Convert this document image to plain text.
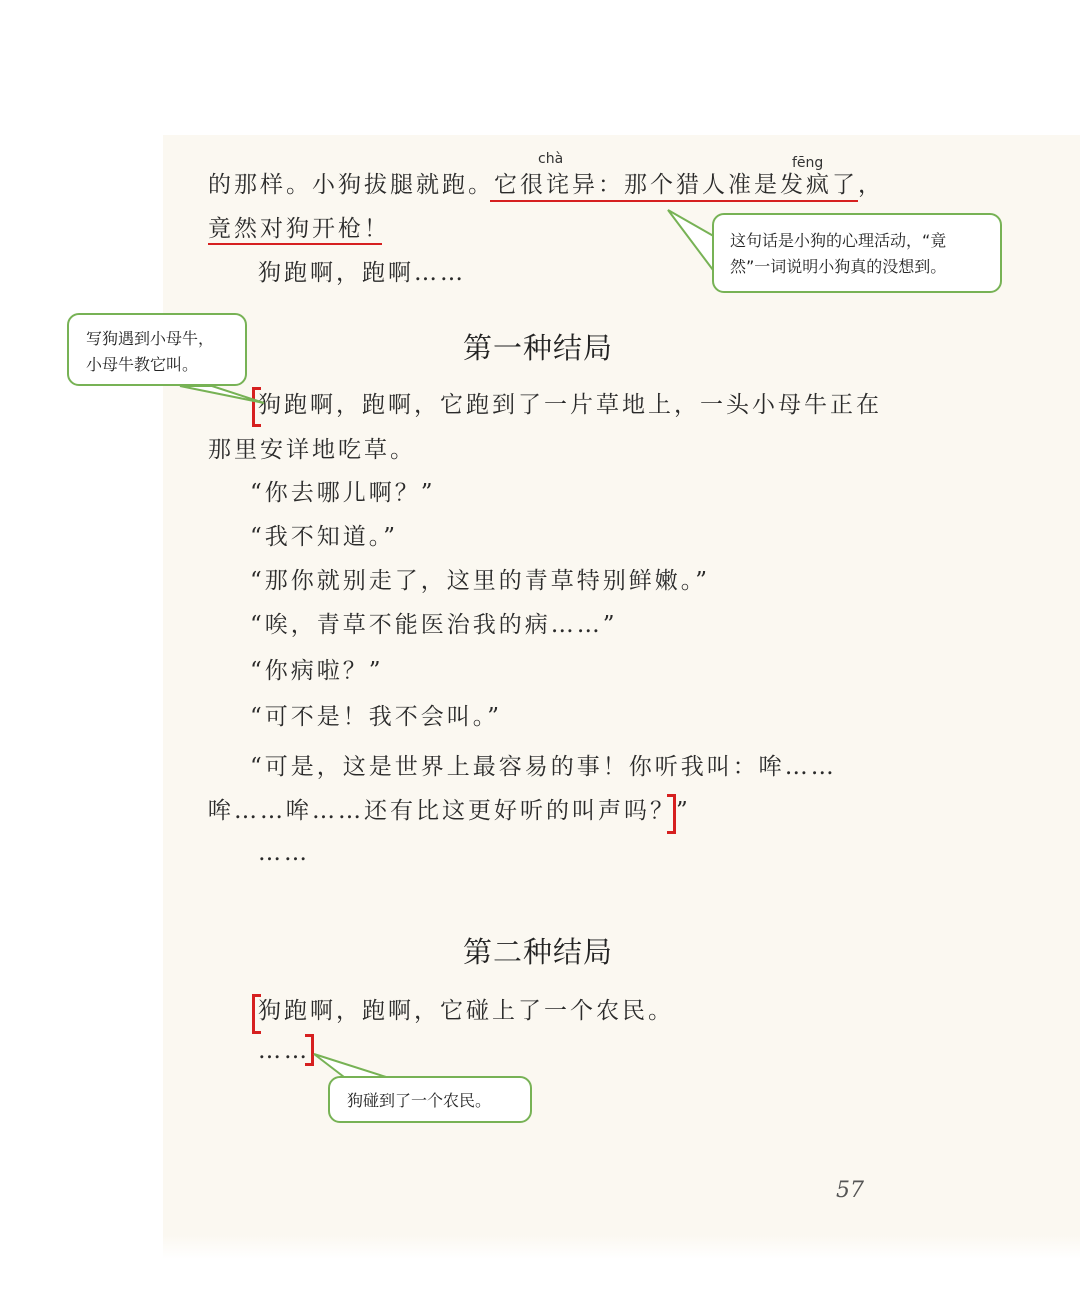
chà	fēng
的那样。小狗拔腿就跑。它很诧异：那个猎人准是发疯了，
竟然对狗开枪！
狗跑啊，跑啊……
第一种结局
狗跑啊，跑啊，它跑到了一片草地上，一头小母牛正在
那里安详地吃草。
“你去哪儿啊？”
“我不知道。”
“那你就别走了，这里的青草特别鲜嫩。”
“唉，青草不能医治我的病……”
“你病啦？”
“可不是！我不会叫。”
“可是，这是世界上最容易的事！你听我叫：哞……
哞……哞……还有比这更好听的叫声吗？”
……
第二种结局
狗跑啊，跑啊，它碰上了一个农民。
……
这句话是小狗的心理活动，“竟
然”一词说明小狗真的没想到。
写狗遇到小母牛，
小母牛教它叫。
狗碰到了一个农民。
57
